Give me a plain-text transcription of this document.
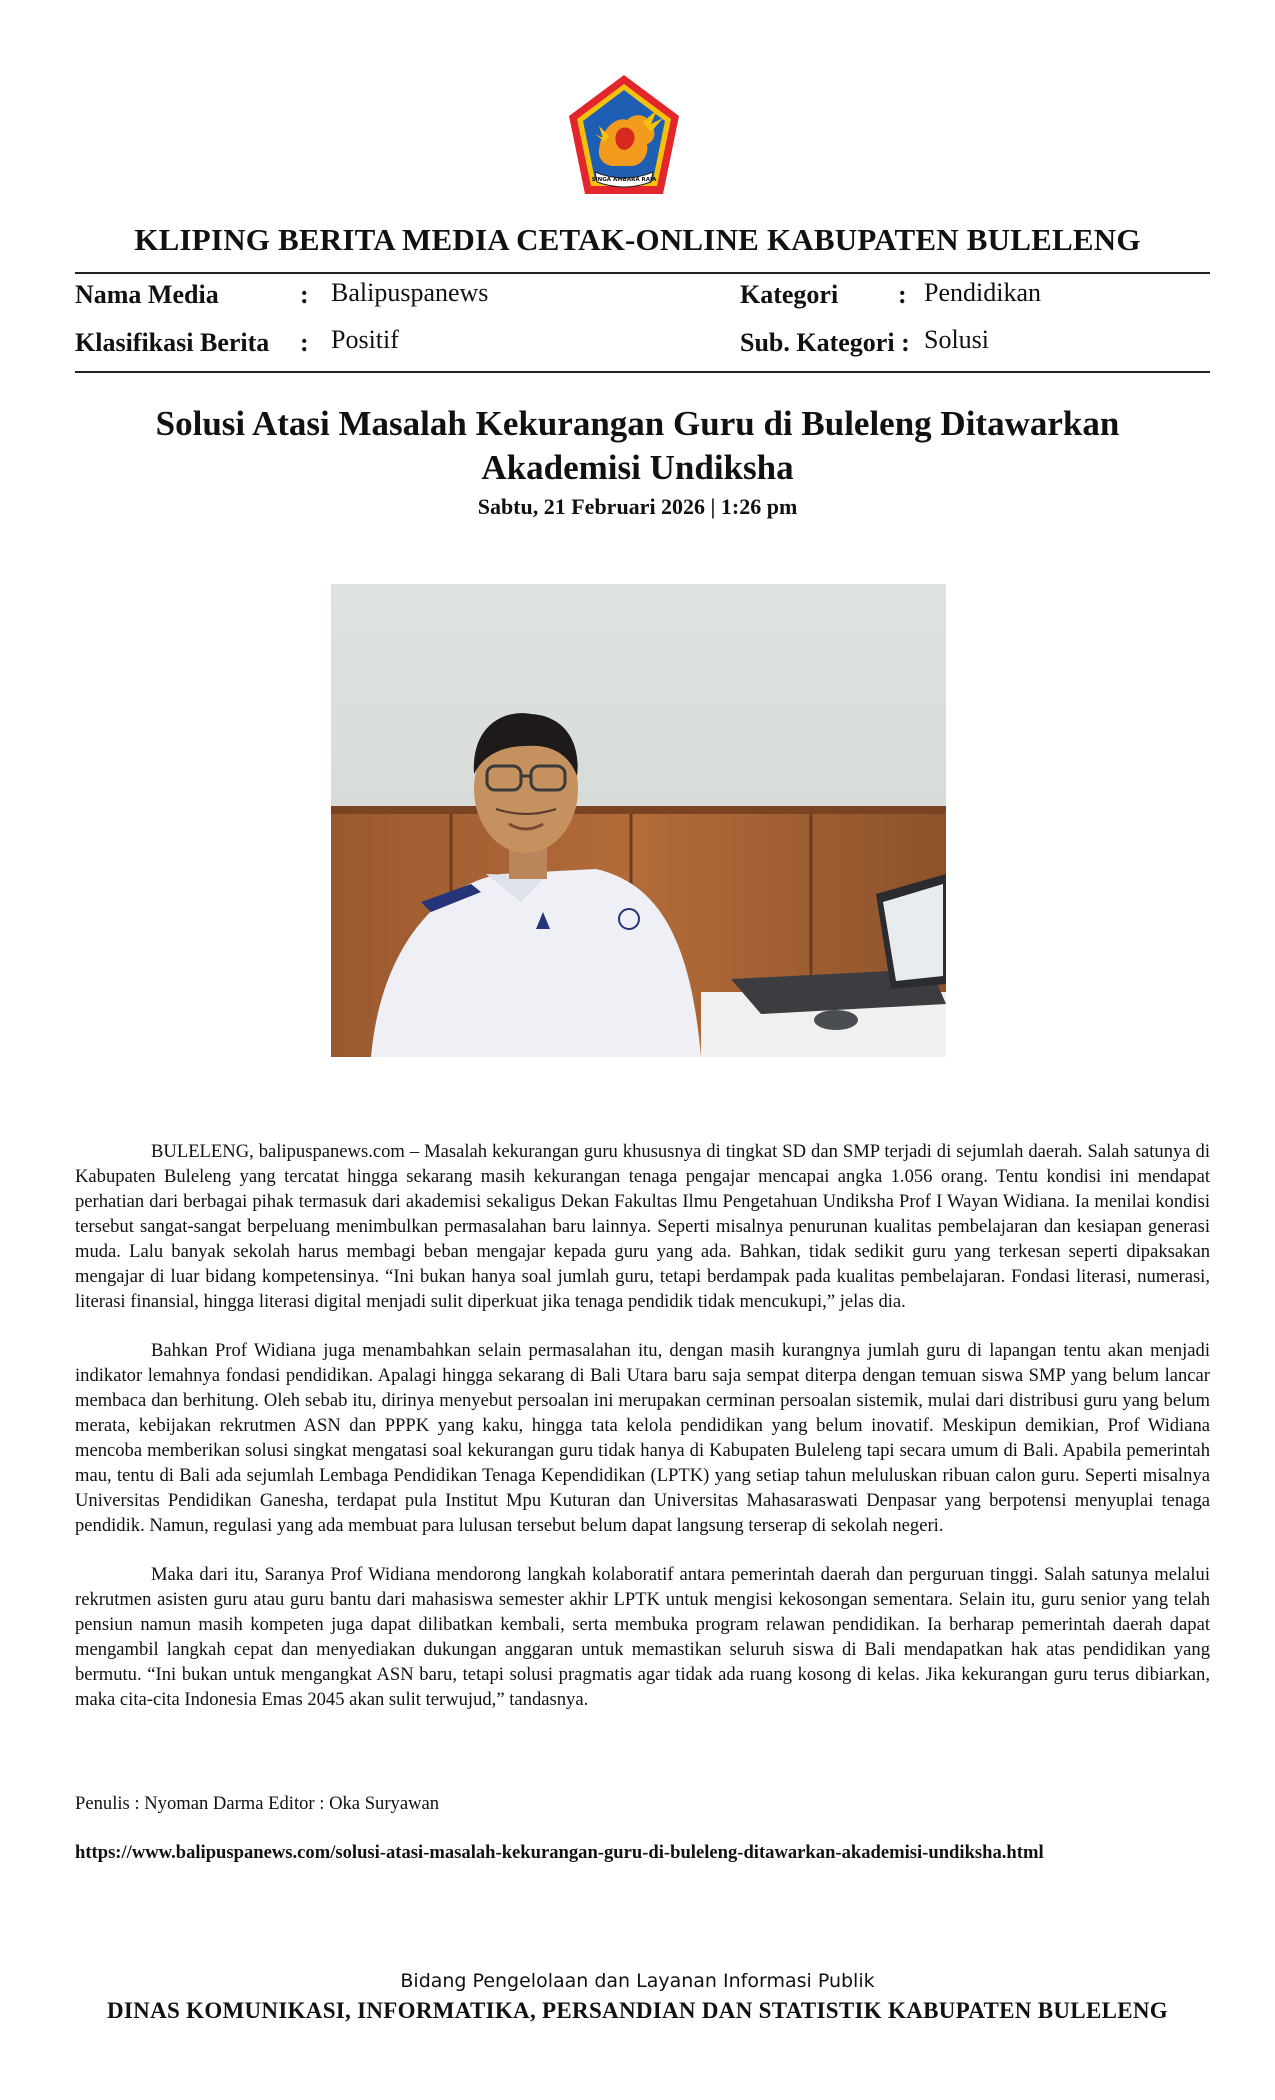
SINGA AMBARA RAJA
KLIPING BERITA MEDIA CETAK-ONLINE KABUPATEN BULELENG
Nama Media	: Balipuspanews	Kategori : Pendidikan
Klasifikasi Berita : Positif	Sub. Kategori : Solusi
Solusi Atasi Masalah Kekurangan Guru di Buleleng Ditawarkan
Akademisi Undiksha
Sabtu, 21 Februari 2026 | 1:26 pm

BULELENG, balipuspanews.com – Masalah kekurangan guru khususnya di tingkat SD dan SMP terjadi di sejumlah daerah. Salah satunya di Kabupaten Buleleng yang tercatat hingga sekarang masih kekurangan tenaga pengajar mencapai angka 1.056 orang. Tentu kondisi ini mendapat perhatian dari berbagai pihak termasuk dari akademisi sekaligus Dekan Fakultas Ilmu Pengetahuan Undiksha Prof I Wayan Widiana. Ia menilai kondisi tersebut sangat-sangat berpeluang menimbulkan permasalahan baru lainnya. Seperti misalnya penurunan kualitas pembelajaran dan kesiapan generasi muda. Lalu banyak sekolah harus membagi beban mengajar kepada guru yang ada. Bahkan, tidak sedikit guru yang terkesan seperti dipaksakan mengajar di luar bidang kompetensinya. “Ini bukan hanya soal jumlah guru, tetapi berdampak pada kualitas pembelajaran. Fondasi literasi, numerasi, literasi finansial, hingga literasi digital menjadi sulit diperkuat jika tenaga pendidik tidak mencukupi,” jelas dia.

Bahkan Prof Widiana juga menambahkan selain permasalahan itu, dengan masih kurangnya jumlah guru di lapangan tentu akan menjadi indikator lemahnya fondasi pendidikan. Apalagi hingga sekarang di Bali Utara baru saja sempat diterpa dengan temuan siswa SMP yang belum lancar membaca dan berhitung. Oleh sebab itu, dirinya menyebut persoalan ini merupakan cerminan persoalan sistemik, mulai dari distribusi guru yang belum merata, kebijakan rekrutmen ASN dan PPPK yang kaku, hingga tata kelola pendidikan yang belum inovatif. Meskipun demikian, Prof Widiana mencoba memberikan solusi singkat mengatasi soal kekurangan guru tidak hanya di Kabupaten Buleleng tapi secara umum di Bali. Apabila pemerintah mau, tentu di Bali ada sejumlah Lembaga Pendidikan Tenaga Kependidikan (LPTK) yang setiap tahun meluluskan ribuan calon guru. Seperti misalnya Universitas Pendidikan Ganesha, terdapat pula Institut Mpu Kuturan dan Universitas Mahasaraswati Denpasar yang berpotensi menyuplai tenaga pendidik. Namun, regulasi yang ada membuat para lulusan tersebut belum dapat langsung terserap di sekolah negeri.

Maka dari itu, Saranya Prof Widiana mendorong langkah kolaboratif antara pemerintah daerah dan perguruan tinggi. Salah satunya melalui rekrutmen asisten guru atau guru bantu dari mahasiswa semester akhir LPTK untuk mengisi kekosongan sementara. Selain itu, guru senior yang telah pensiun namun masih kompeten juga dapat dilibatkan kembali, serta membuka program relawan pendidikan. Ia berharap pemerintah daerah dapat mengambil langkah cepat dan menyediakan dukungan anggaran untuk memastikan seluruh siswa di Bali mendapatkan hak atas pendidikan yang bermutu. “Ini bukan untuk mengangkat ASN baru, tetapi solusi pragmatis agar tidak ada ruang kosong di kelas. Jika kekurangan guru terus dibiarkan, maka cita-cita Indonesia Emas 2045 akan sulit terwujud,” tandasnya.

Penulis : Nyoman Darma Editor : Oka Suryawan
https://www.balipuspanews.com/solusi-atasi-masalah-kekurangan-guru-di-buleleng-ditawarkan-akademisi-undiksha.html
Bidang Pengelolaan dan Layanan Informasi Publik
DINAS KOMUNIKASI, INFORMATIKA, PERSANDIAN DAN STATISTIK KABUPATEN BULELENG
